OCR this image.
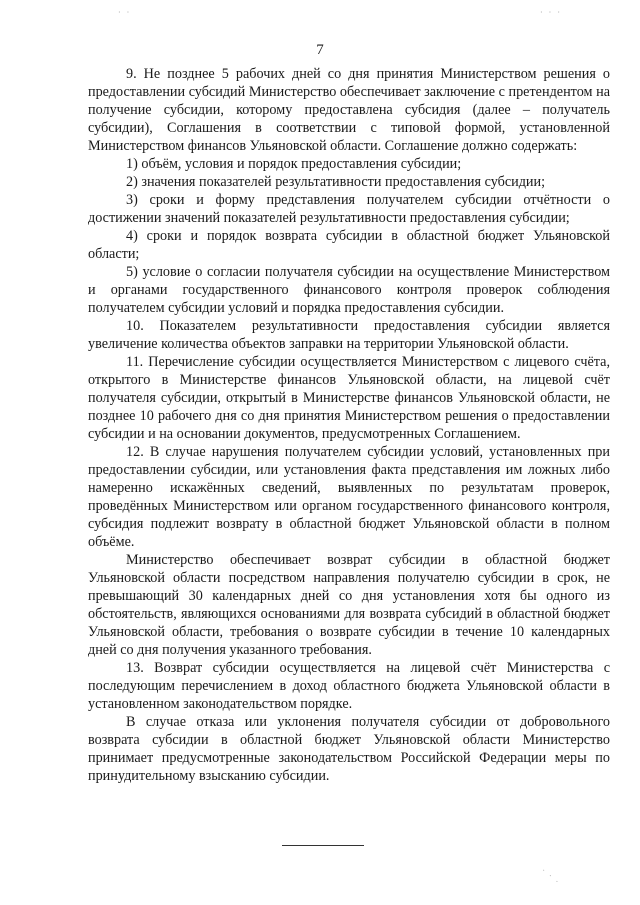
7

9. Не позднее 5 рабочих дней со дня принятия Министерством решения о предоставлении субсидий Министерство обеспечивает заключение с претендентом на получение субсидии, которому предоставлена субсидия (далее – получатель субсидии), Соглашения в соответствии с типовой формой, установленной Министерством финансов Ульяновской области. Соглашение должно содержать:

1) объём, условия и порядок предоставления субсидии;

2) значения показателей результативности предоставления субсидии;

3) сроки и форму представления получателем субсидии отчётности о достижении значений показателей результативности предоставления субсидии;

4) сроки и порядок возврата субсидии в областной бюджет Ульяновской области;

5) условие о согласии получателя субсидии на осуществление Министерством и органами государственного финансового контроля проверок соблюдения получателем субсидии условий и порядка предоставления субсидии.

10. Показателем результативности предоставления субсидии является увеличение количества объектов заправки на территории Ульяновской области.

11. Перечисление субсидии осуществляется Министерством с лицевого счёта, открытого в Министерстве финансов Ульяновской области, на лицевой счёт получателя субсидии, открытый в Министерстве финансов Ульяновской области, не позднее 10 рабочего дня со дня принятия Министерством решения о предоставлении субсидии и на основании документов, предусмотренных Соглашением.

12. В случае нарушения получателем субсидии условий, установленных при предоставлении субсидии, или установления факта представления им ложных либо намеренно искажённых сведений, выявленных по результатам проверок, проведённых Министерством или органом государственного финансового контроля, субсидия подлежит возврату в областной бюджет Ульяновской области в полном объёме.

Министерство обеспечивает возврат субсидии в областной бюджет Ульяновской области посредством направления получателю субсидии в срок, не превышающий 30 календарных дней со дня установления хотя бы одного из обстоятельств, являющихся основаниями для возврата субсидий в областной бюджет Ульяновской области, требования о возврате субсидии в течение 10 календарных дней со дня получения указанного требования.

13. Возврат субсидии осуществляется на лицевой счёт Министерства с последующим перечислением в доход областного бюджета Ульяновской области в установленном законодательством порядке.

В случае отказа или уклонения получателя субсидии от добровольного возврата субсидии в областной бюджет Ульяновской области Министерство принимает предусмотренные законодательством Российской Федерации меры по принудительному взысканию субсидии.

· ·	· · ·
· · ·
